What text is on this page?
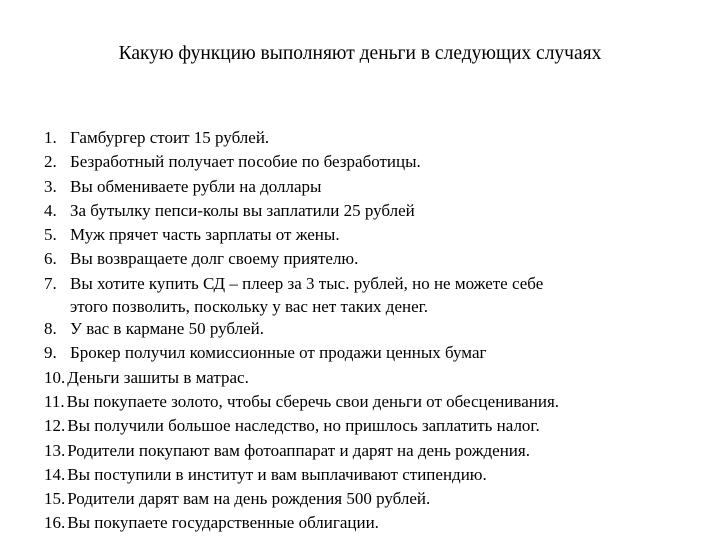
Какую функцию выполняют деньги в следующих случаях
1. Гамбургер стоит 15 рублей.
2. Безработный получает пособие по безработицы.
3. Вы обмениваете рубли на доллары
4. За бутылку пепси-колы вы заплатили 25 рублей
5. Муж прячет часть зарплаты от жены.
6. Вы возвращаете долг своему приятелю.
7. Вы хотите купить СД – плеер за 3 тыс. рублей, но не можете себе
этого позволить, поскольку у вас нет таких денег.
8. У вас в кармане 50 рублей.
9. Брокер получил комиссионные от продажи ценных бумаг
10. Деньги зашиты в матрас.
11. Вы покупаете золото, чтобы сберечь свои деньги от обесценивания.
12. Вы получили большое наследство, но пришлось заплатить налог.
13. Родители покупают вам фотоаппарат и дарят на день рождения.
14. Вы поступили в институт и вам выплачивают стипендию.
15. Родители дарят вам на день рождения 500 рублей.
16. Вы покупаете государственные облигации.
